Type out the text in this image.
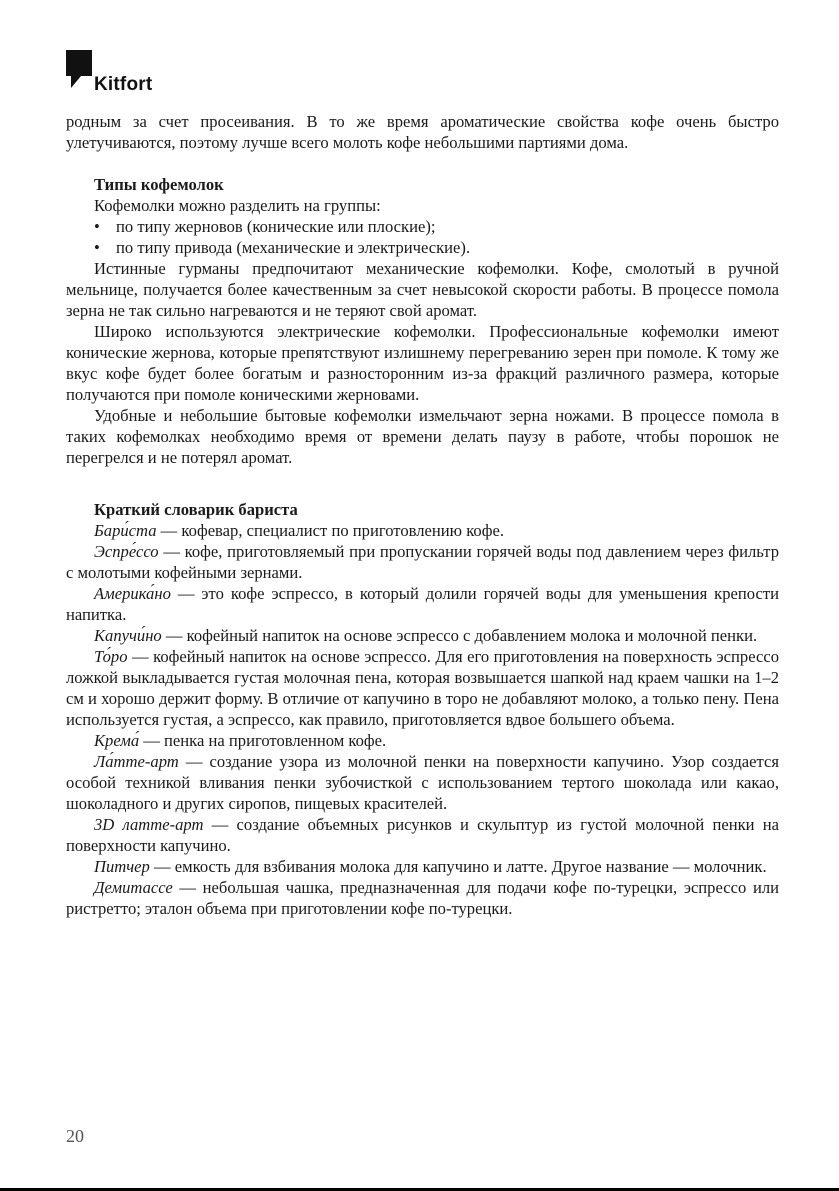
Kitfort

родным за счет просеивания. В то же время ароматические свойства кофе очень быстро улетучиваются, поэтому лучше всего молоть кофе небольшими партиями дома.

Типы кофемолок

Кофемолки можно разделить на группы:

• по типу жерновов (конические или плоские);

• по типу привода (механические и электрические).

Истинные гурманы предпочитают механические кофемолки. Кофе, смолотый в ручной мельнице, получается более качественным за счет невысокой скорости работы. В процессе помола зерна не так сильно нагреваются и не теряют свой аромат.

Широко используются электрические кофемолки. Профессиональные кофемолки имеют конические жернова, которые препятствуют излишнему перегреванию зерен при помоле. К тому же вкус кофе будет более богатым и разносторонним из-за фракций различного размера, которые получаются при помоле коническими жерновами.

Удобные и небольшие бытовые кофемолки измельчают зерна ножами. В процессе помола в таких кофемолках необходимо время от времени делать паузу в работе, чтобы порошок не перегрелся и не потерял аромат.

Краткий словарик бариста

Бари́ста — кофевар, специалист по приготовлению кофе.

Эспре́ссо — кофе, приготовляемый при пропускании горячей воды под давлением через фильтр с молотыми кофейными зернами.

Америка́но — это кофе эспрессо, в который долили горячей воды для уменьшения крепости напитка.

Капучи́но — кофейный напиток на основе эспрессо с добавлением молока и молочной пенки.

То́ро — кофейный напиток на основе эспрессо. Для его приготовления на поверхность эспрессо ложкой выкладывается густая молочная пена, которая возвышается шапкой над краем чашки на 1–2 см и хорошо держит форму. В отличие от капучино в торо не добавляют молоко, а только пену. Пена используется густая, а эспрессо, как правило, приготовляется вдвое большего объема.

Крема́ — пенка на приготовленном кофе.

Ла́тте-арт — создание узора из молочной пенки на поверхности капучино. Узор создается особой техникой вливания пенки зубочисткой с использованием тертого шоколада или какао, шоколадного и других сиропов, пищевых красителей.

3D латте-арт — создание объемных рисунков и скульптур из густой молочной пенки на поверхности капучино.

Питчер — емкость для взбивания молока для капучино и латте. Другое название — молочник.

Демитассе — небольшая чашка, предназначенная для подачи кофе по-турецки, эспрессо или ристретто; эталон объема при приготовлении кофе по-турецки.

20
